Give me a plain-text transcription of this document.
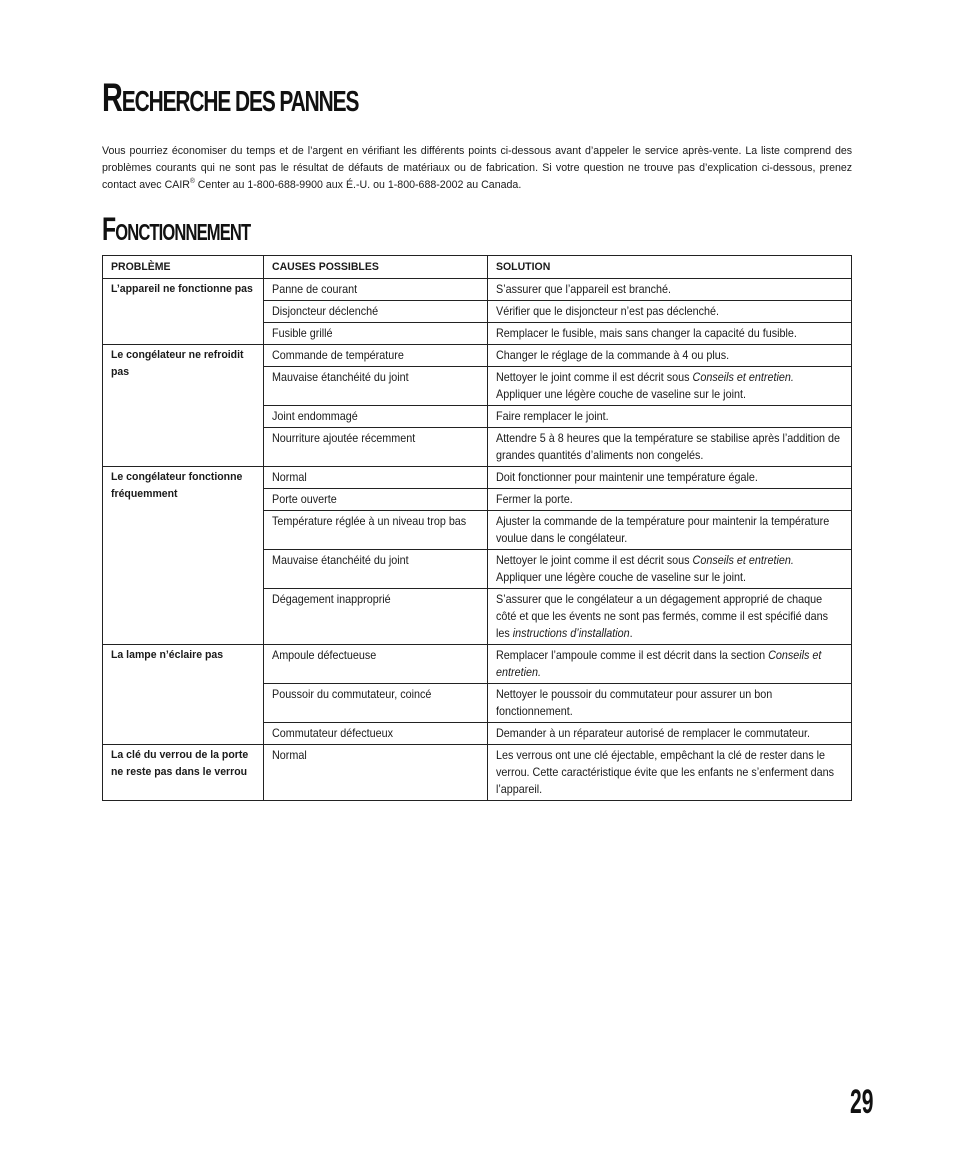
RECHERCHE DES PANNES

Vous pourriez économiser du temps et de l’argent en vérifiant les différents points ci-dessous avant d’appeler le service après-vente. La liste comprend des problèmes courants qui ne sont pas le résultat de défauts de matériaux ou de fabrication. Si votre question ne trouve pas d’explication ci-dessous, prenez contact avec CAIR® Center au 1-800-688-9900 aux É.-U. ou 1-800-688-2002 au Canada.

FONCTIONNEMENT
PROBLÈME	CAUSES POSSIBLES	SOLUTION

L’appareil ne fonctionne pas	Panne de courant	S’assurer que l’appareil est branché.

	Disjoncteur déclenché	Vérifier que le disjoncteur n’est pas déclenché.

	Fusible grillé	Remplacer le fusible, mais sans changer la capacité du fusible.

Le congélateur ne refroidit pas	Commande de température	Changer le réglage de la commande à 4 ou plus.

	Mauvaise étanchéité du joint	Nettoyer le joint comme il est décrit sous Conseils et entretien. Appliquer une légère couche de vaseline sur le joint.

	Joint endommagé	Faire remplacer le joint.

	Nourriture ajoutée récemment	Attendre 5 à 8 heures que la température se stabilise après l’addition de grandes quantités d’aliments non congelés.

Le congélateur fonctionne fréquemment	Normal	Doit fonctionner pour maintenir une température égale.

	Porte ouverte	Fermer la porte.

	Température réglée à un niveau trop bas	Ajuster la commande de la température pour maintenir la température voulue dans le congélateur.

	Mauvaise étanchéité du joint	Nettoyer le joint comme il est décrit sous Conseils et entretien. Appliquer une légère couche de vaseline sur le joint.

	Dégagement inapproprié	S’assurer que le congélateur a un dégagement approprié de chaque côté et que les évents ne sont pas fermés, comme il est spécifié dans les instructions d’installation.

La lampe n’éclaire pas	Ampoule défectueuse	Remplacer l’ampoule comme il est décrit dans la section Conseils et entretien.

	Poussoir du commutateur, coincé	Nettoyer le poussoir du commutateur pour assurer un bon fonctionnement.

	Commutateur défectueux	Demander à un réparateur autorisé de remplacer le commutateur.

La clé du verrou de la porte ne reste pas dans le verrou	Normal	Les verrous ont une clé éjectable, empêchant la clé de rester dans le verrou. Cette caractéristique évite que les enfants ne s’enferment dans l’appareil.
29
